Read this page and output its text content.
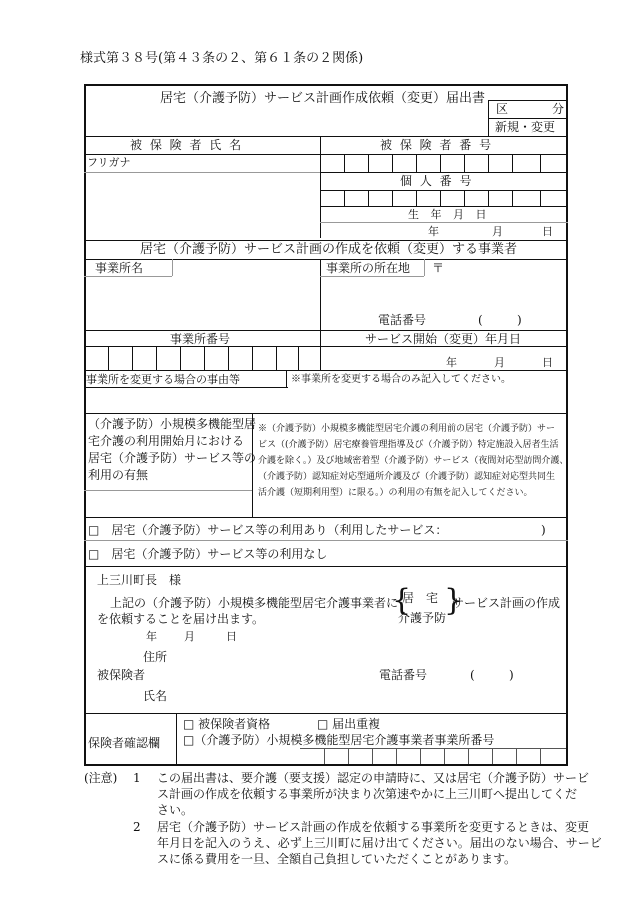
様式第３８号(第４３条の２、第６１条の２関係)
居宅（介護予防）サービス計画作成依頼（変更）届出書
区	分
新規・変更
被 保 険 者 氏 名	被 保 険 者 番 号
フリガナ
個 人 番 号
生 年 月 日
年	月	日
居宅（介護予防）サービス計画の作成を依頼（変更）する事業者
事業所名	事業所の所在地 〒
電話番号	(	)
事業所番号	サービス開始（変更）年月日
年	月	日
事業所を変更する場合の事由等	※事業所を変更する場合のみ記入してください。
（介護予防）小規模多機能型居
宅介護の利用開始月における
居宅（介護予防）サービス等の
利用の有無
※（介護予防）小規模多機能型居宅介護の利用前の居宅（介護予防）サー
ビス（(介護予防）居宅療養管理指導及び（介護予防）特定施設入居者生活
介護を除く。）及び地域密着型（介護予防）サービス（夜間対応型訪問介護、
（介護予防）認知症対応型通所介護及び（介護予防）認知症対応型共同生
活介護（短期利用型）に限る。）の利用の有無を記入してください。
□　居宅（介護予防）サービス等の利用あり（利用したサービス：	)
□　居宅（介護予防）サービス等の利用なし
上三川町長　様
上記の（介護予防）小規模多機能型居宅介護事業者に
{
居　宅
介護予防
}
サービス計画の作成
を依頼することを届け出ます。
年 月	日
住所
被保険者	電話番号	(	)
氏名
保険者確認欄
□ 被保険者資格	□ 届出重複
□（介護予防）小規模多機能型居宅介護事業者事業所番号
(注意) 1 この届出書は、要介護（要支援）認定の申請時に、又は居宅（介護予防）サービ
ス計画の作成を依頼する事業所が決まり次第速やかに上三川町へ提出してくだ
さい。
2 居宅（介護予防）サービス計画の作成を依頼する事業所を変更するときは、変更
年月日を記入のうえ、必ず上三川町に届け出てください。届出のない場合、サービ
スに係る費用を一旦、全額自己負担していただくことがあります。
